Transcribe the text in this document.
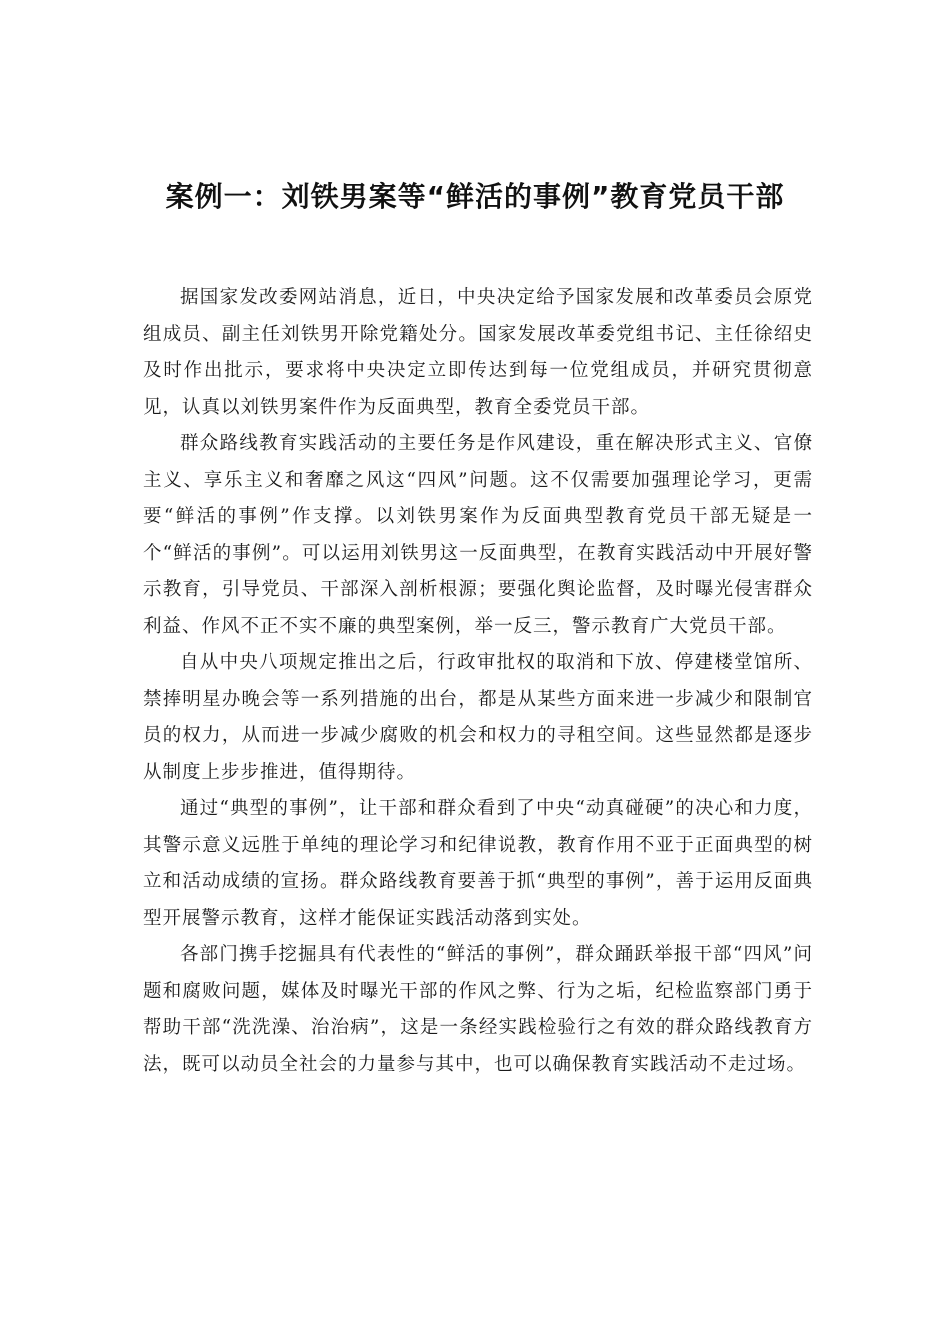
案例一：刘铁男案等“鲜活的事例”教育党员干部

据国家发改委网站消息，近日，中央决定给予国家发展和改革委员会原党组成员、副主任刘铁男开除党籍处分。国家发展改革委党组书记、主任徐绍史及时作出批示，要求将中央决定立即传达到每一位党组成员，并研究贯彻意见，认真以刘铁男案件作为反面典型，教育全委党员干部。

群众路线教育实践活动的主要任务是作风建设，重在解决形式主义、官僚主义、享乐主义和奢靡之风这“四风”问题。这不仅需要加强理论学习，更需要“鲜活的事例”作支撑。以刘铁男案作为反面典型教育党员干部无疑是一个“鲜活的事例”。可以运用刘铁男这一反面典型，在教育实践活动中开展好警示教育，引导党员、干部深入剖析根源；要强化舆论监督，及时曝光侵害群众利益、作风不正不实不廉的典型案例，举一反三，警示教育广大党员干部。

自从中央八项规定推出之后，行政审批权的取消和下放、停建楼堂馆所、禁捧明星办晚会等一系列措施的出台，都是从某些方面来进一步减少和限制官员的权力，从而进一步减少腐败的机会和权力的寻租空间。这些显然都是逐步从制度上步步推进，值得期待。

通过“典型的事例”，让干部和群众看到了中央“动真碰硬”的决心和力度，其警示意义远胜于单纯的理论学习和纪律说教，教育作用不亚于正面典型的树立和活动成绩的宣扬。群众路线教育要善于抓“典型的事例”，善于运用反面典型开展警示教育，这样才能保证实践活动落到实处。

各部门携手挖掘具有代表性的“鲜活的事例”，群众踊跃举报干部“四风”问题和腐败问题，媒体及时曝光干部的作风之弊、行为之垢，纪检监察部门勇于帮助干部“洗洗澡、治治病”，这是一条经实践检验行之有效的群众路线教育方法，既可以动员全社会的力量参与其中，也可以确保教育实践活动不走过场。
